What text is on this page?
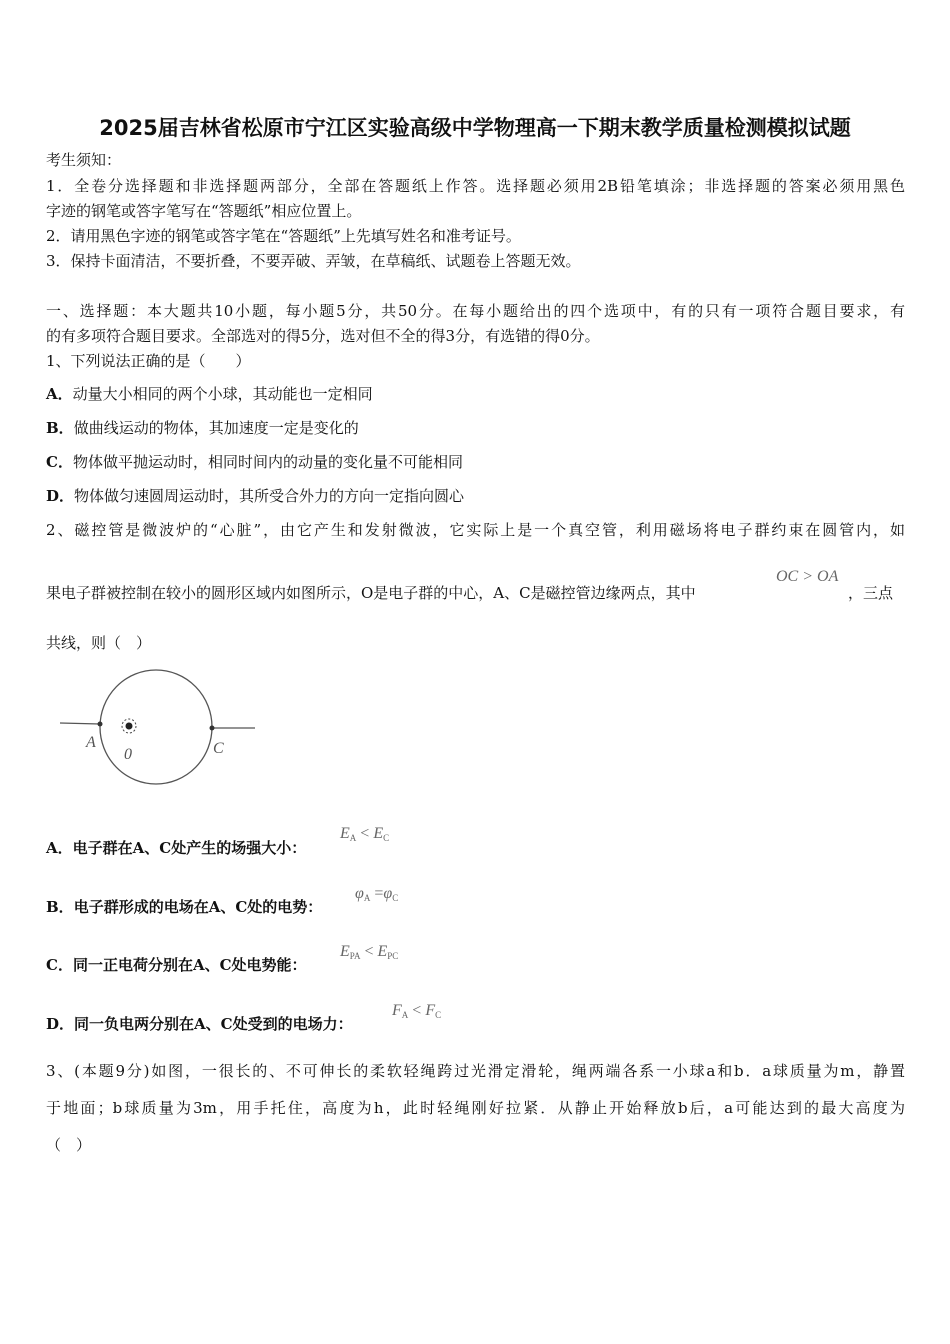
2025届吉林省松原市宁江区实验高级中学物理高一下期末教学质量检测模拟试题
考生须知：
1．全卷分选择题和非选择题两部分，全部在答题纸上作答。选择题必须用2B铅笔填涂；非选择题的答案必须用黑色
字迹的钢笔或答字笔写在“答题纸”相应位置上。
2．请用黑色字迹的钢笔或答字笔在“答题纸”上先填写姓名和准考证号。
3．保持卡面清洁，不要折叠，不要弄破、弄皱，在草稿纸、试题卷上答题无效。
一、选择题：本大题共10小题，每小题5分，共50分。在每小题给出的四个选项中，有的只有一项符合题目要求，有
的有多项符合题目要求。全部选对的得5分，选对但不全的得3分，有选错的得0分。
1、下列说法正确的是（　　）
A．动量大小相同的两个小球，其动能也一定相同
B．做曲线运动的物体，其加速度一定是变化的
C．物体做平抛运动时，相同时间内的动量的变化量不可能相同
D．物体做匀速圆周运动时，其所受合外力的方向一定指向圆心
2、磁控管是微波炉的“心脏”，由它产生和发射微波，它实际上是一个真空管，利用磁场将电子群约束在圆管内，如
果电子群被控制在较小的圆形区域内如图所示，O是电子群的中心，A、C是磁控管边缘两点，其中
OC > OA
，三点
共线，则（　）
A
0	C
A．电子群在A、C处产生的场强大小：
$E_A < E_C$
B．电子群形成的电场在A、C处的电势：
$\varphi_A =\varphi_C$
C．同一正电荷分别在A、C处电势能：
$E_{PA} < E_{PC}$
D．同一负电两分别在A、C处受到的电场力：
$F_A < F_C$
3、(本题9分)如图，一很长的、不可伸长的柔软轻绳跨过光滑定滑轮，绳两端各系一小球a和b．a球质量为m，静置
于地面；b球质量为3m，用手托住，高度为h，此时轻绳刚好拉紧．从静止开始释放b后，a可能达到的最大高度为
（　）
